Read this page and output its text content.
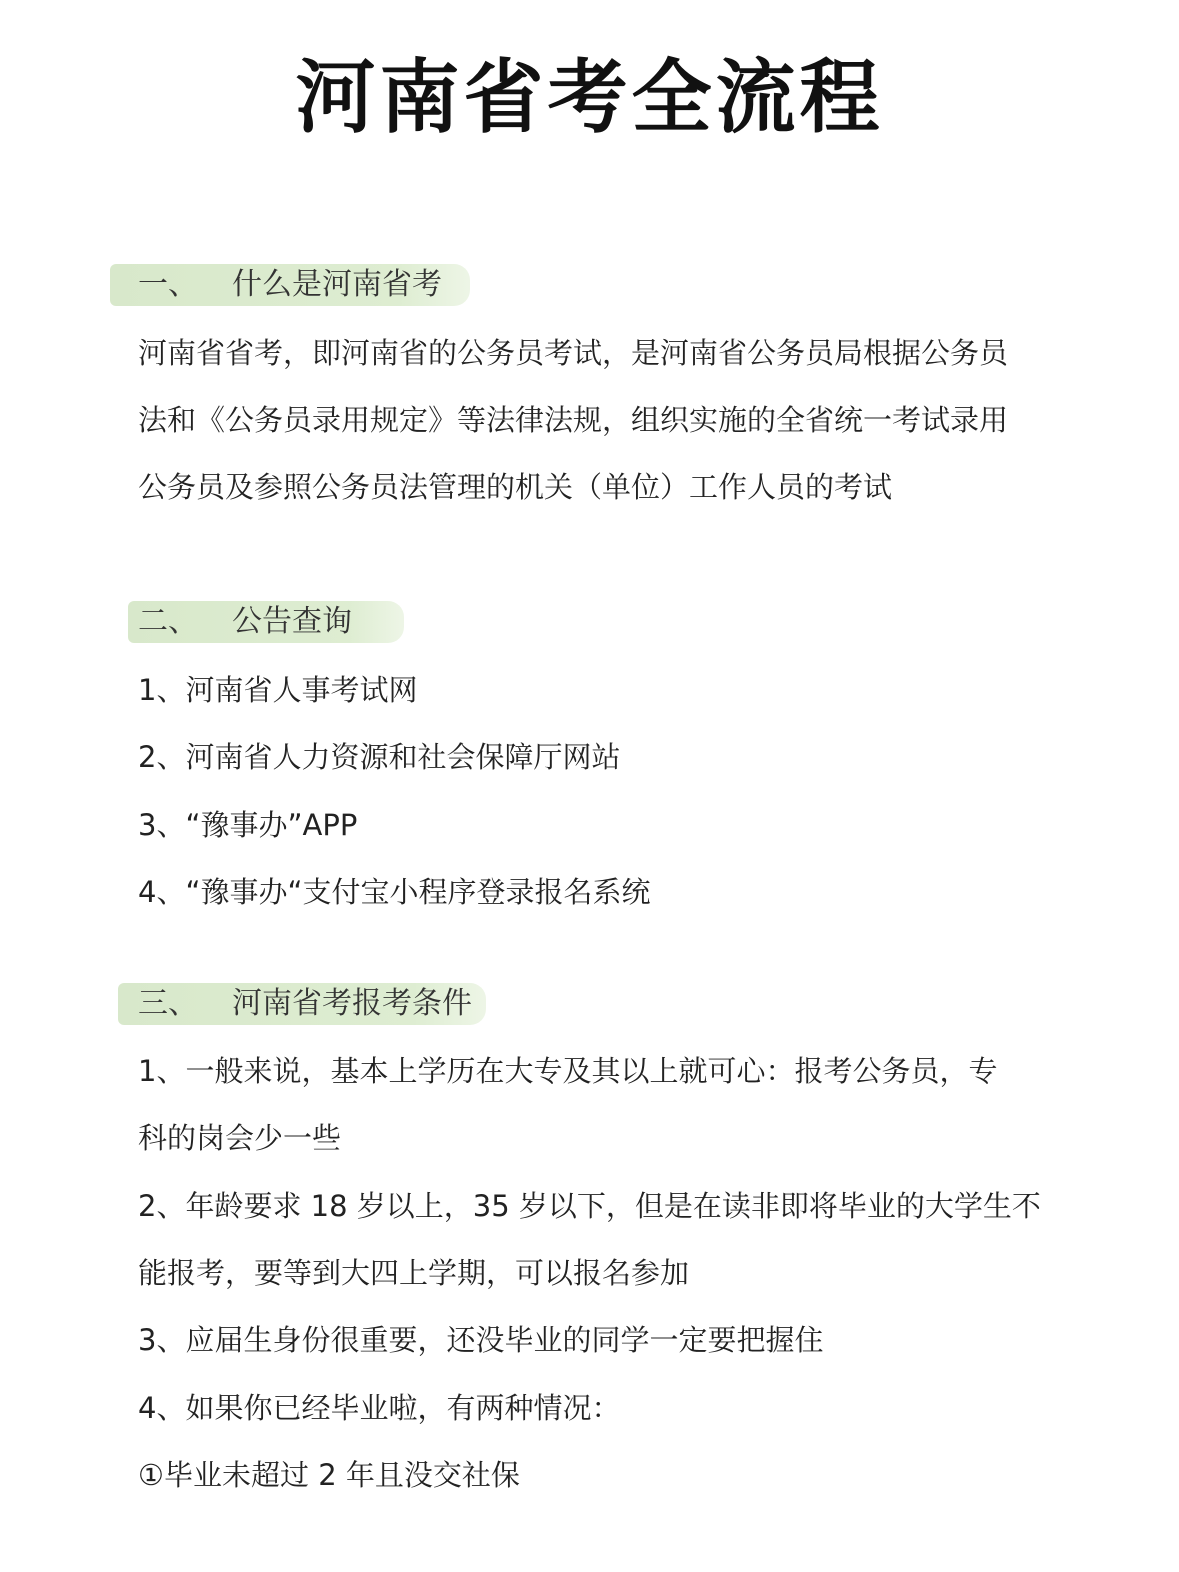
河南省考全流程
一、 什么是河南省考
河南省省考，即河南省的公务员考试，是河南省公务员局根据公务员
法和《公务员录用规定》等法律法规，组织实施的全省统一考试录用
公务员及参照公务员法管理的机关（单位）工作人员的考试
二、 公告查询
1、河南省人事考试网
2、河南省人力资源和社会保障厅网站
3、“豫事办”APP
4、“豫事办“支付宝小程序登录报名系统
三、 河南省考报考条件
1、一般来说，基本上学历在大专及其以上就可心：报考公务员，专
科的岗会少一些
2、年龄要求 18 岁以上，35 岁以下，但是在读非即将毕业的大学生不
能报考，要等到大四上学期，可以报名参加
3、应届生身份很重要，还没毕业的同学一定要把握住
4、如果你已经毕业啦，有两种情况：
①毕业未超过 2 年且没交社保
